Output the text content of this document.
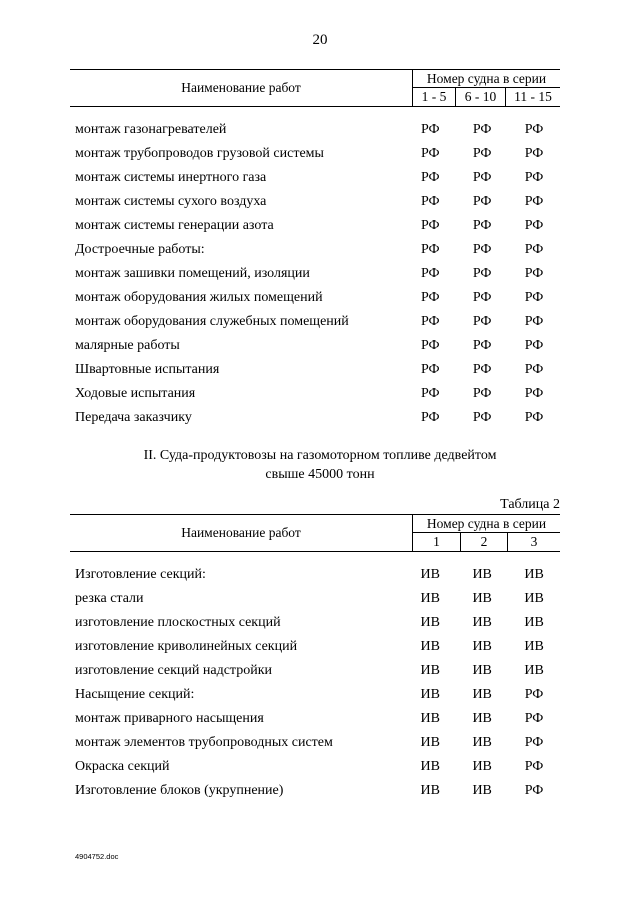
20
Наименование работ
Номер судна в серии
1 - 5	6 - 10	11 - 15
монтаж газонагревателей	РФ	РФ	РФ
монтаж трубопроводов грузовой системы	РФ	РФ	РФ
монтаж системы инертного газа	РФ	РФ	РФ
монтаж системы сухого воздуха	РФ	РФ	РФ
монтаж системы генерации азота	РФ	РФ	РФ
Достроечные работы:	РФ	РФ	РФ
монтаж зашивки помещений, изоляции	РФ	РФ	РФ
монтаж оборудования жилых помещений	РФ	РФ	РФ
монтаж оборудования служебных помещений	РФ	РФ	РФ
малярные работы	РФ	РФ	РФ
Швартовные испытания	РФ	РФ	РФ
Ходовые испытания	РФ	РФ	РФ
Передача заказчику	РФ	РФ	РФ
II. Суда-продуктовозы на газомоторном топливе дедвейтом
свыше 45000 тонн
Таблица 2
Наименование работ
Номер судна в серии
1	2	3
Изготовление секций:	ИВ	ИВ	ИВ
резка стали	ИВ	ИВ	ИВ
изготовление плоскостных секций	ИВ	ИВ	ИВ
изготовление криволинейных секций	ИВ	ИВ	ИВ
изготовление секций надстройки	ИВ	ИВ	ИВ
Насыщение секций:	ИВ	ИВ	РФ
монтаж приварного насыщения	ИВ	ИВ	РФ
монтаж элементов трубопроводных систем	ИВ	ИВ	РФ
Окраска секций	ИВ	ИВ	РФ
Изготовление блоков (укрупнение)	ИВ	ИВ	РФ
4904752.doc
